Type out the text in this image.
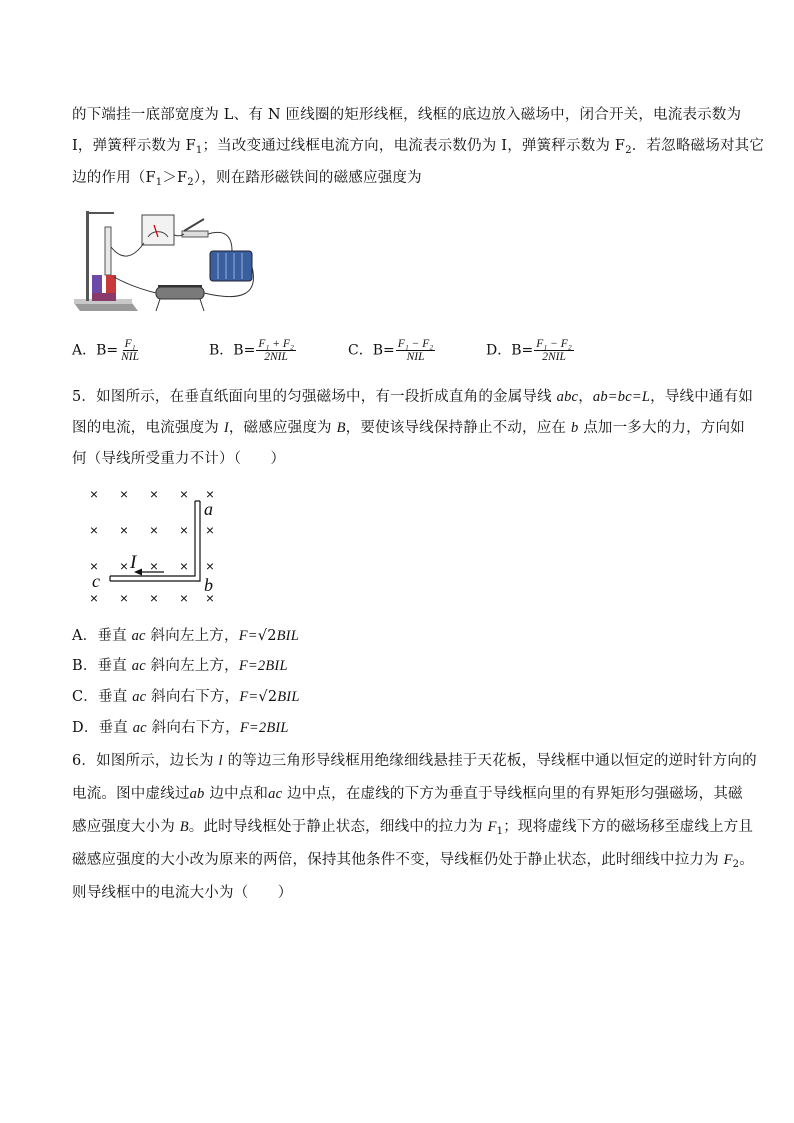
的下端挂一底部宽度为 L、有 N 匝线圈的矩形线框，线框的底边放入磁场中，闭合开关，电流表示数为
I，弹簧秤示数为 $F_1$；当改变通过线框电流方向，电流表示数仍为 I，弹簧秤示数为 $F_2$．若忽略磁场对其它
边的作用$(F_1>F_2)$，则在踏形磁铁间的磁感应强度为
A．$B= \frac{\text{F₁}}{\text{NIL}}$	B．$B= \frac{\text{F₁ + F₂}}{\text{2NIL}}$	C．$B= \frac{\text{F₁ − F₂}}{\text{NIL}}$	D．$B= \frac{\text{F₁ − F₂}}{\text{2NIL}}$
5．如图所示，在垂直纸面向里的匀强磁场中，有一段折成直角的金属导线 abc，ab=bc=L，导线中通有如
图的电流，电流强度为 I，磁感应强度为 B，要使该导线保持静止不动，应在 b 点加一多大的力，方向如
何（导线所受重力不计）（　　）
× × × × ×
× × × × ×
× × × × ×
× × × × ×
a
b
c
I
A．垂直 ac 斜向左上方，F=√2BIL
B．垂直 ac 斜向左上方，F=2BIL
C．垂直 ac 斜向右下方，F=√2BIL
D．垂直 ac 斜向右下方，F=2BIL
6．如图所示，边长为 l 的等边三角形导线框用绝缘细线悬挂于天花板，导线框中通以恒定的逆时针方向的
电流。图中虚线过ab 边中点和ac 边中点，在虚线的下方为垂直于导线框向里的有界矩形匀强磁场，其磁
感应强度大小为 B。此时导线框处于静止状态，细线中的拉力为 $F_1$；现将虚线下方的磁场移至虚线上方且
磁感应强度的大小改为原来的两倍，保持其他条件不变，导线框仍处于静止状态，此时细线中拉力为 $F_2$。
则导线框中的电流大小为（　　）
